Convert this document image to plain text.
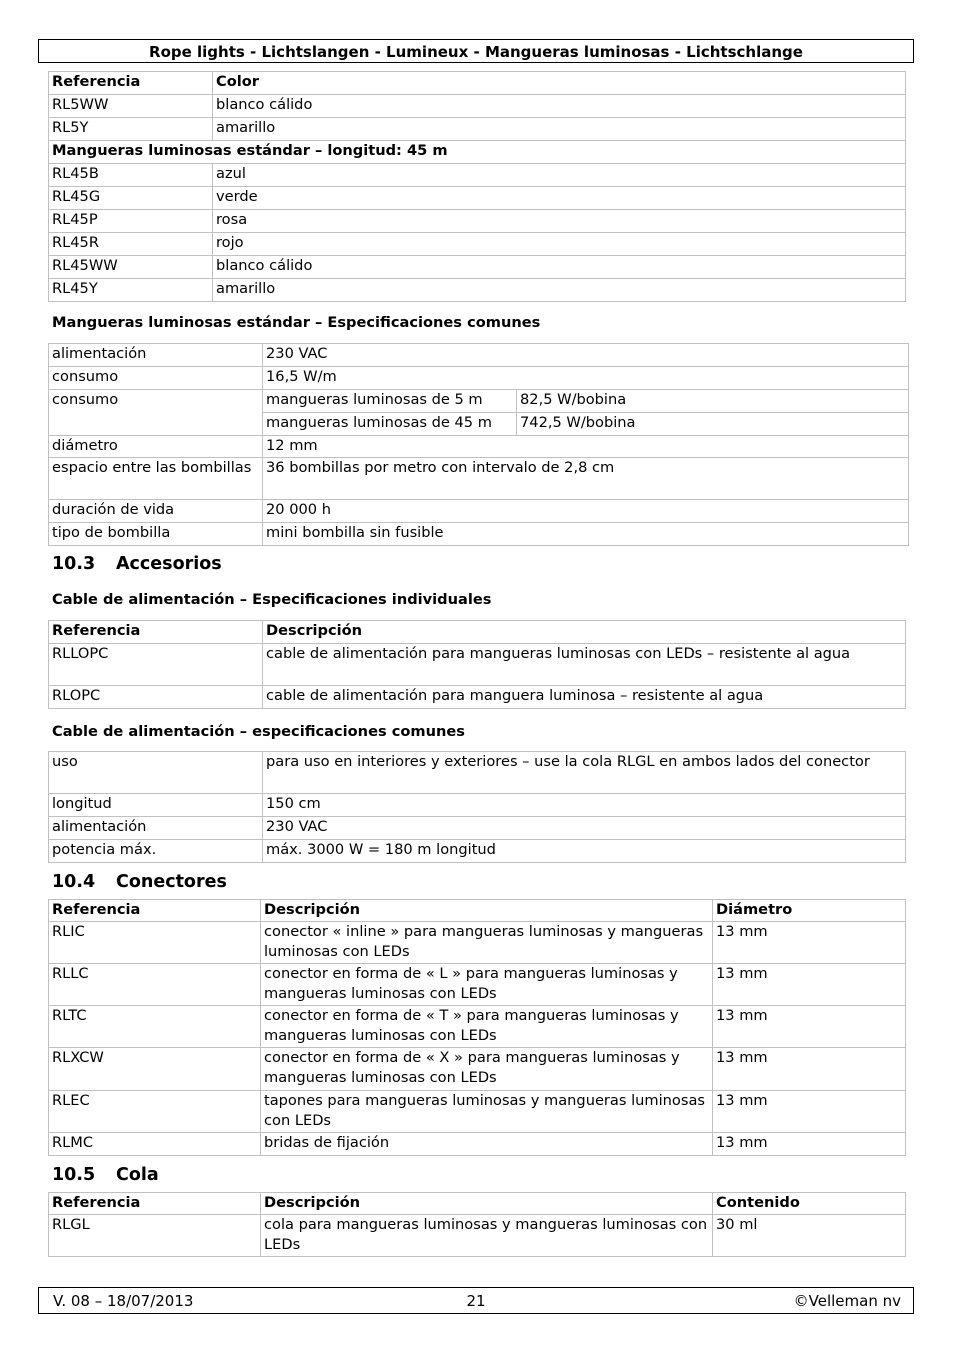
Rope lights - Lichtslangen - Lumineux - Mangueras luminosas - Lichtschlange
Referencia	Color
RL5WW	blanco cálido
RL5Y	amarillo
Mangueras luminosas estándar – longitud: 45 m	
RL45B	azul
RL45G	verde
RL45P	rosa
RL45R	rojo
RL45WW	blanco cálido
RL45Y	amarillo
Mangueras luminosas estándar – Especificaciones comunes
alimentación	230 VAC	
consumo	16,5 W/m	
consumo	mangueras luminosas de 5 m	82,5 W/bobina
	mangueras luminosas de 45 m	742,5 W/bobina
diámetro	12 mm	
espacio entre las bombillas	36 bombillas por metro con intervalo de 2,8 cm	
duración de vida	20 000 h	
tipo de bombilla	mini bombilla sin fusible	
10.3 Accesorios
Cable de alimentación – Especificaciones individuales
Referencia	Descripción
RLLOPC	cable de alimentación para mangueras luminosas con LEDs – resistente al agua
RLOPC	cable de alimentación para manguera luminosa – resistente al agua
Cable de alimentación – especificaciones comunes
uso	para uso en interiores y exteriores – use la cola RLGL en ambos lados del conector
longitud	150 cm
alimentación	230 VAC
potencia máx.	máx. 3000 W = 180 m longitud
10.4 Conectores
Referencia	Descripción	Diámetro
RLIC	conector « inline » para mangueras luminosas y mangueras luminosas con LEDs	13 mm
RLLC	conector en forma de « L » para mangueras luminosas y mangueras luminosas con LEDs	13 mm
RLTC	conector en forma de « T » para mangueras luminosas y mangueras luminosas con LEDs	13 mm
RLXCW	conector en forma de « X » para mangueras luminosas y mangueras luminosas con LEDs	13 mm
RLEC	tapones para mangueras luminosas y mangueras luminosas con LEDs	13 mm
RLMC	bridas de fijación	13 mm
10.5 Cola
Referencia	Descripción	Contenido
RLGL	cola para mangueras luminosas y mangueras luminosas con LEDs	30 ml
21
V. 08 – 18/07/2013	©Velleman nv
